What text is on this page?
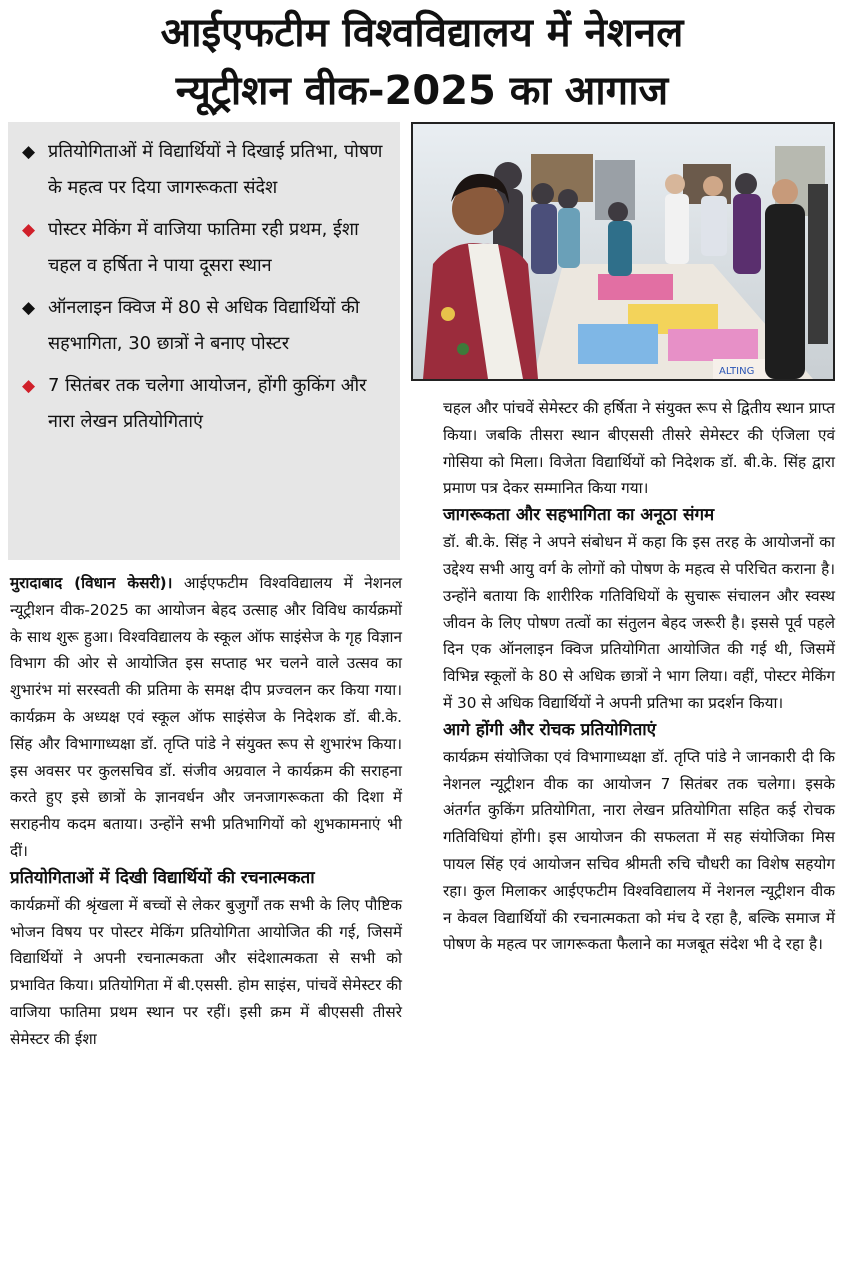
आईएफटीम विश्वविद्यालय में नेशनल
न्यूट्रीशन वीक-2025 का आगाज
◆ प्रतियोगिताओं में विद्यार्थियों ने दिखाई प्रतिभा, पोषण के महत्व पर दिया जागरूकता संदेश
◆ पोस्टर मेकिंग में वाजिया फातिमा रही प्रथम, ईशा चहल व हर्षिता ने पाया दूसरा स्थान
◆ ऑनलाइन क्विज में 80 से अधिक विद्यार्थियों की सहभागिता, 30 छात्रों ने बनाए पोस्टर
◆ 7 सितंबर तक चलेगा आयोजन, होंगी कुकिंग और नारा लेखन प्रतियोगिताएं
ALTING

मुरादाबाद (विधान केसरी)। आईएफटीम विश्वविद्यालय में नेशनल न्यूट्रीशन वीक-2025 का आयोजन बेहद उत्साह और विविध कार्यक्रमों के साथ शुरू हुआ। विश्वविद्यालय के स्कूल ऑफ साइंसेज के गृह विज्ञान विभाग की ओर से आयोजित इस सप्ताह भर चलने वाले उत्सव का शुभारंभ मां सरस्वती की प्रतिमा के समक्ष दीप प्रज्वलन कर किया गया। कार्यक्रम के अध्यक्ष एवं स्कूल ऑफ साइंसेज के निदेशक डॉ. बी.के. सिंह और विभागाध्यक्षा डॉ. तृप्ति पांडे ने संयुक्त रूप से शुभारंभ किया। इस अवसर पर कुलसचिव डॉ. संजीव अग्रवाल ने कार्यक्रम की सराहना करते हुए इसे छात्रों के ज्ञानवर्धन और जनजागरूकता की दिशा में सराहनीय कदम बताया। उन्होंने सभी प्रतिभागियों को शुभकामनाएं भी दीं।

प्रतियोगिताओं में दिखी विद्यार्थियों की रचनात्मकता

कार्यक्रमों की श्रृंखला में बच्चों से लेकर बुजुर्गों तक सभी के लिए पौष्टिक भोजन विषय पर पोस्टर मेकिंग प्रतियोगिता आयोजित की गई, जिसमें विद्यार्थियों ने अपनी रचनात्मकता और संदेशात्मकता से सभी को प्रभावित किया। प्रतियोगिता में बी.एससी. होम साइंस, पांचवें सेमेस्टर की वाजिया फातिमा प्रथम स्थान पर रहीं। इसी क्रम में बीएससी तीसरे सेमेस्टर की ईशा

चहल और पांचवें सेमेस्टर की हर्षिता ने संयुक्त रूप से द्वितीय स्थान प्राप्त किया। जबकि तीसरा स्थान बीएससी तीसरे सेमेस्टर की एंजिला एवं गोसिया को मिला। विजेता विद्यार्थियों को निदेशक डॉ. बी.के. सिंह द्वारा प्रमाण पत्र देकर सम्मानित किया गया।

जागरूकता और सहभागिता का अनूठा संगम

डॉ. बी.के. सिंह ने अपने संबोधन में कहा कि इस तरह के आयोजनों का उद्देश्य सभी आयु वर्ग के लोगों को पोषण के महत्व से परिचित कराना है। उन्होंने बताया कि शारीरिक गतिविधियों के सुचारू संचालन और स्वस्थ जीवन के लिए पोषण तत्वों का संतुलन बेहद जरूरी है। इससे पूर्व पहले दिन एक ऑनलाइन क्विज प्रतियोगिता आयोजित की गई थी, जिसमें विभिन्न स्कूलों के 80 से अधिक छात्रों ने भाग लिया। वहीं, पोस्टर मेकिंग में 30 से अधिक विद्यार्थियों ने अपनी प्रतिभा का प्रदर्शन किया।

आगे होंगी और रोचक प्रतियोगिताएं

कार्यक्रम संयोजिका एवं विभागाध्यक्षा डॉ. तृप्ति पांडे ने जानकारी दी कि नेशनल न्यूट्रीशन वीक का आयोजन 7 सितंबर तक चलेगा। इसके अंतर्गत कुकिंग प्रतियोगिता, नारा लेखन प्रतियोगिता सहित कई रोचक गतिविधियां होंगी। इस आयोजन की सफलता में सह संयोजिका मिस पायल सिंह एवं आयोजन सचिव श्रीमती रुचि चौधरी का विशेष सहयोग रहा। कुल मिलाकर आईएफटीम विश्वविद्यालय में नेशनल न्यूट्रीशन वीक न केवल विद्यार्थियों की रचनात्मकता को मंच दे रहा है, बल्कि समाज में पोषण के महत्व पर जागरूकता फैलाने का मजबूत संदेश भी दे रहा है।
